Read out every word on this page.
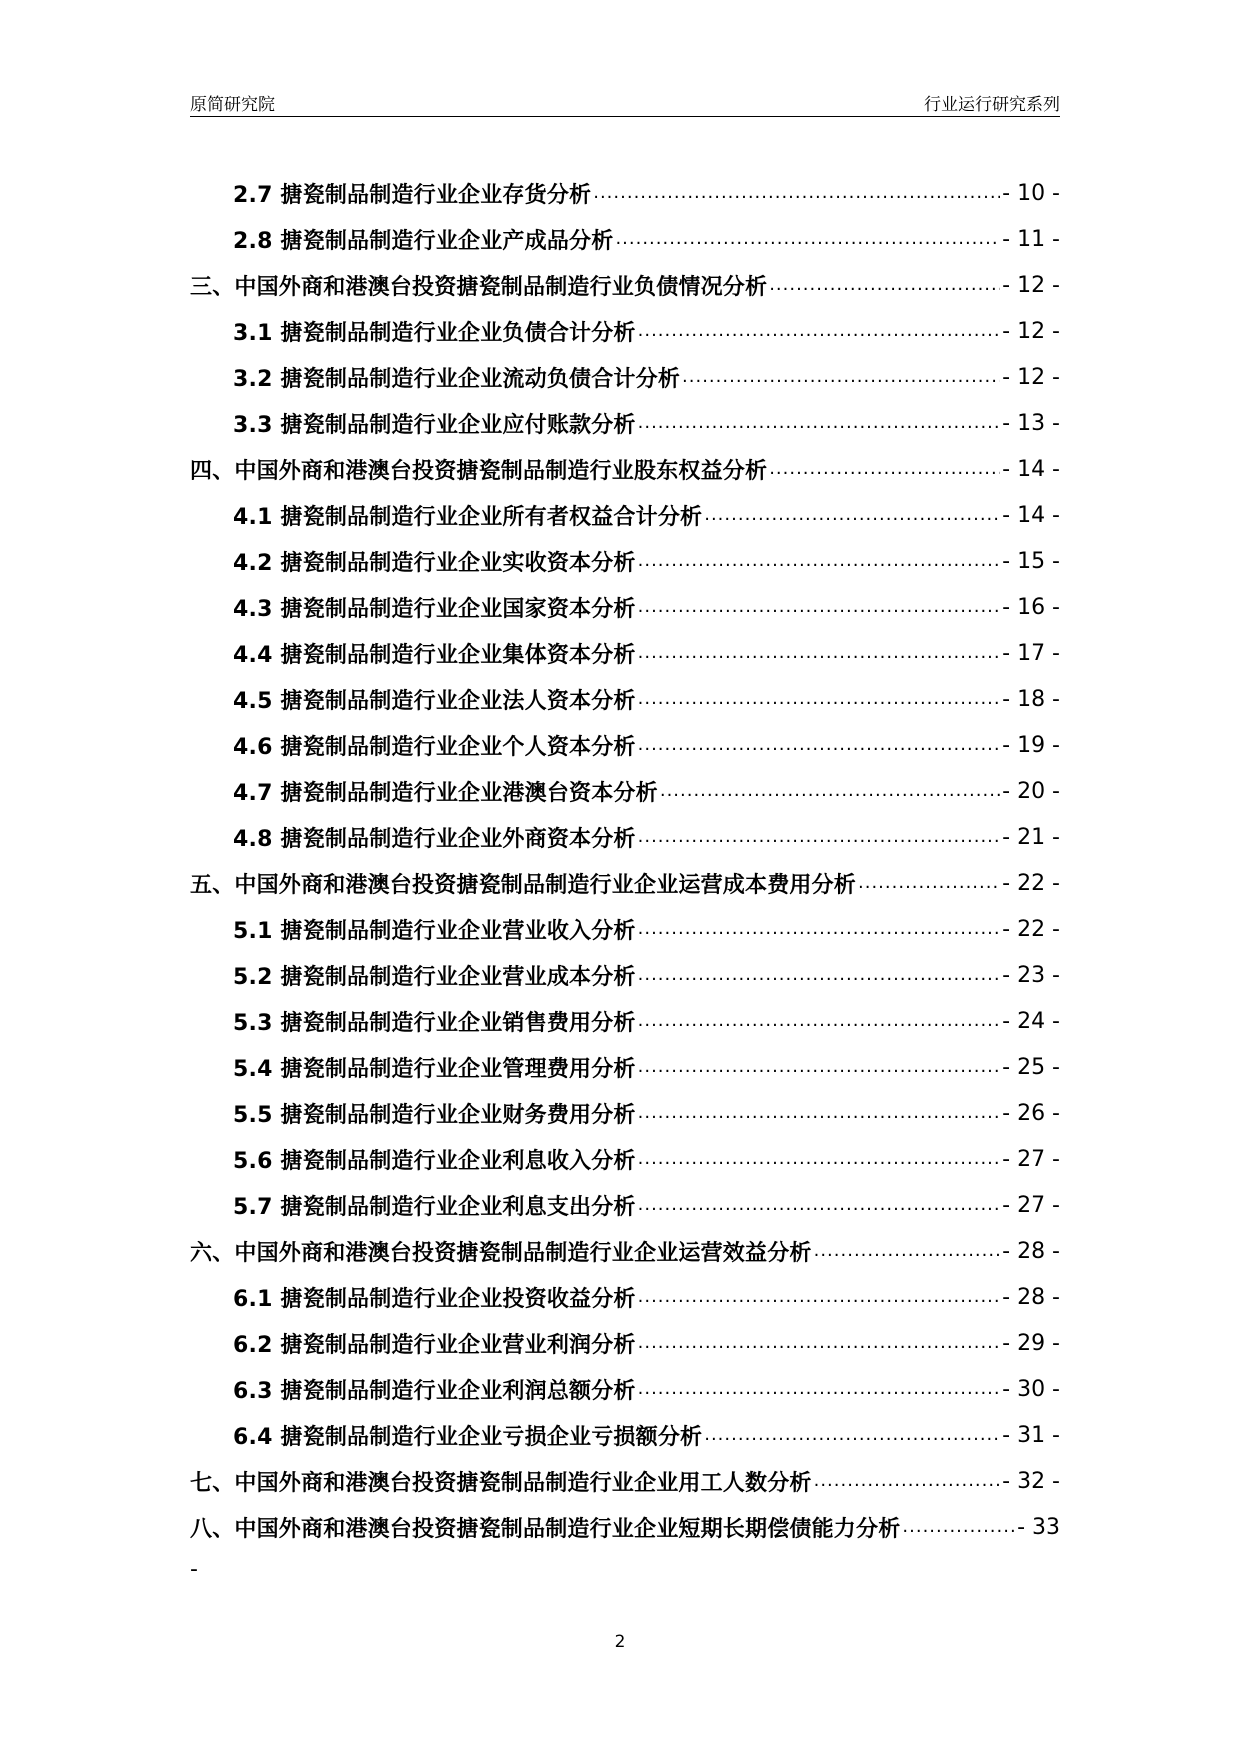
原简研究院	行业运行研究系列
2.7 搪瓷制品制造行业企业存货分析 .....	- 10 -
2.8 搪瓷制品制造行业企业产成品分析 .....	- 11 -
三、中国外商和港澳台投资搪瓷制品制造行业负债情况分析 .....	- 12 -
3.1 搪瓷制品制造行业企业负债合计分析 .....	- 12 -
3.2 搪瓷制品制造行业企业流动负债合计分析 .....	- 12 -
3.3 搪瓷制品制造行业企业应付账款分析 .....	- 13 -
四、中国外商和港澳台投资搪瓷制品制造行业股东权益分析 .....	- 14 -
4.1 搪瓷制品制造行业企业所有者权益合计分析 .....	- 14 -
4.2 搪瓷制品制造行业企业实收资本分析 .....	- 15 -
4.3 搪瓷制品制造行业企业国家资本分析 .....	- 16 -
4.4 搪瓷制品制造行业企业集体资本分析 .....	- 17 -
4.5 搪瓷制品制造行业企业法人资本分析 .....	- 18 -
4.6 搪瓷制品制造行业企业个人资本分析 .....	- 19 -
4.7 搪瓷制品制造行业企业港澳台资本分析 .....	- 20 -
4.8 搪瓷制品制造行业企业外商资本分析 .....	- 21 -
五、中国外商和港澳台投资搪瓷制品制造行业企业运营成本费用分析 .....	- 22 -
5.1 搪瓷制品制造行业企业营业收入分析 .....	- 22 -
5.2 搪瓷制品制造行业企业营业成本分析 .....	- 23 -
5.3 搪瓷制品制造行业企业销售费用分析 .....	- 24 -
5.4 搪瓷制品制造行业企业管理费用分析 .....	- 25 -
5.5 搪瓷制品制造行业企业财务费用分析 .....	- 26 -
5.6 搪瓷制品制造行业企业利息收入分析 .....	- 27 -
5.7 搪瓷制品制造行业企业利息支出分析 .....	- 27 -
六、中国外商和港澳台投资搪瓷制品制造行业企业运营效益分析 .....	- 28 -
6.1 搪瓷制品制造行业企业投资收益分析 .....	- 28 -
6.2 搪瓷制品制造行业企业营业利润分析 .....	- 29 -
6.3 搪瓷制品制造行业企业利润总额分析 .....	- 30 -
6.4 搪瓷制品制造行业企业亏损企业亏损额分析 .....	- 31 -
七、中国外商和港澳台投资搪瓷制品制造行业企业用工人数分析 .....	- 32 -
八、中国外商和港澳台投资搪瓷制品制造行业企业短期长期偿债能力分析 .....	- 33
-
2
